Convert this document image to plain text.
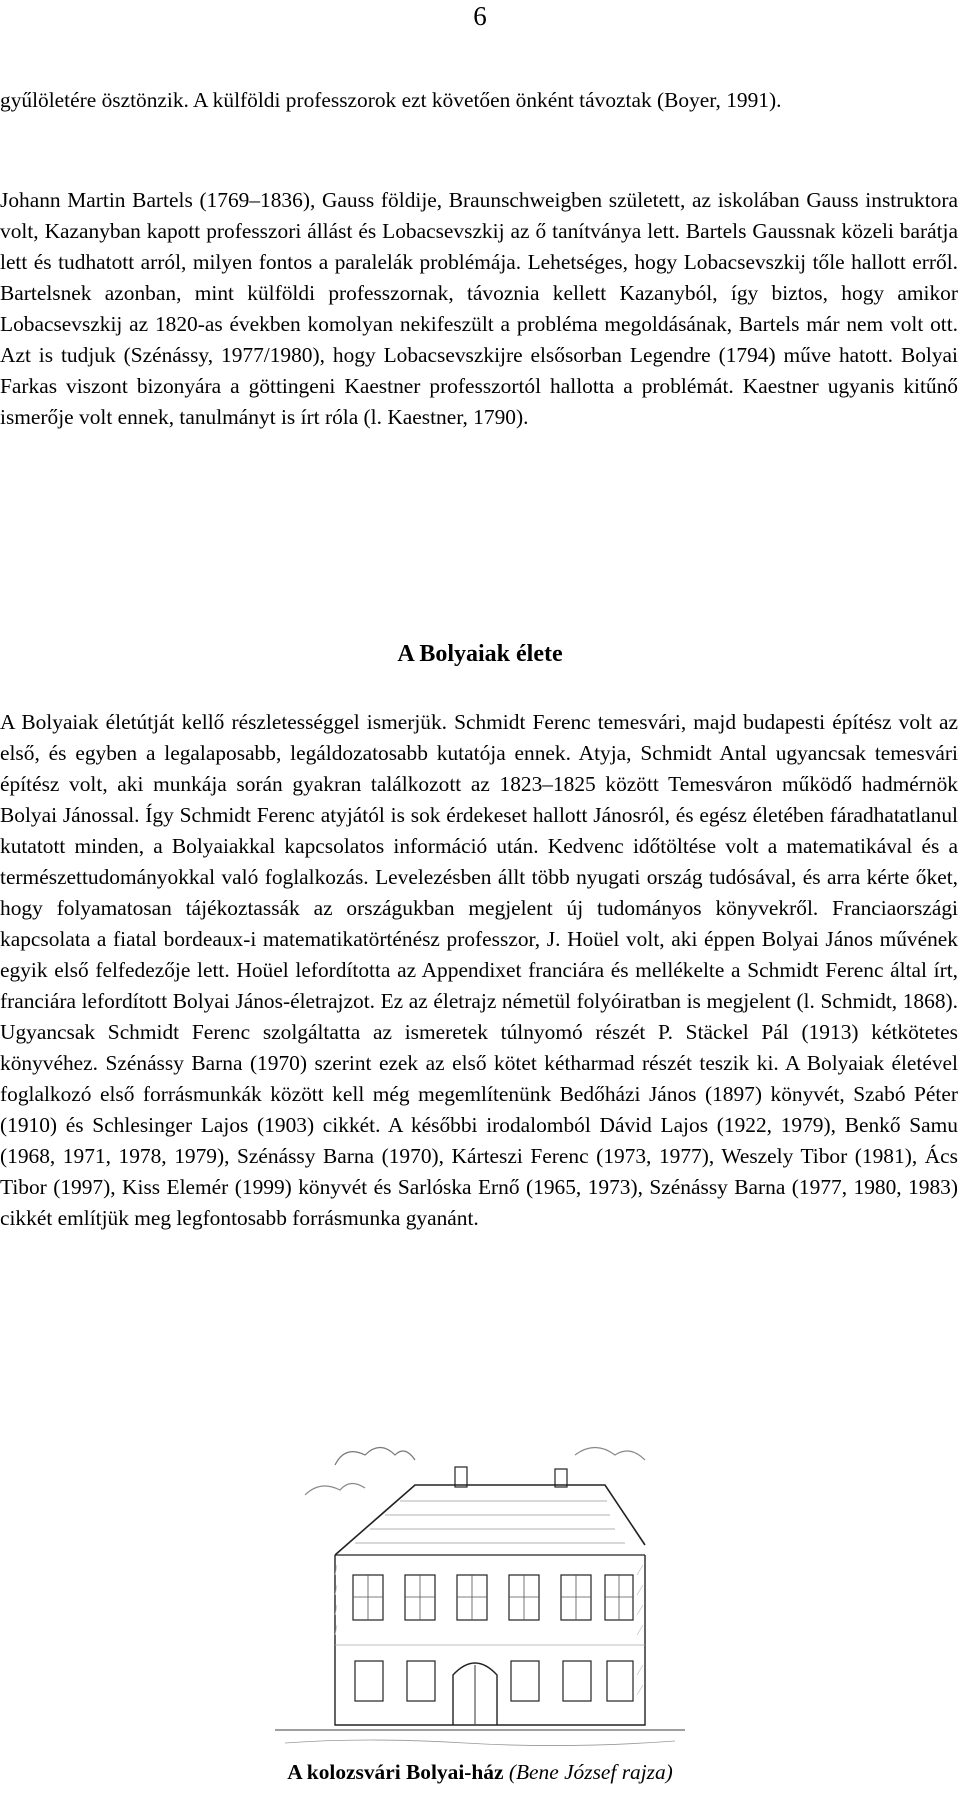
6

gyűlöletére ösztönzik. A külföldi professzorok ezt követően önként távoztak (Boyer, 1991).

Johann Martin Bartels (1769–1836), Gauss földije, Braunschweigben született, az iskolában Gauss instruktora volt, Kazanyban kapott professzori állást és Lobacsevszkij az ő tanítványa lett. Bartels Gaussnak közeli barátja lett és tudhatott arról, milyen fontos a paralelák problémája. Lehetséges, hogy Lobacsevszkij tőle hallott erről. Bartelsnek azonban, mint külföldi professzornak, távoznia kellett Kazanyból, így biztos, hogy amikor Lobacsevszkij az 1820-as években komolyan nekifeszült a probléma megoldásának, Bartels már nem volt ott. Azt is tudjuk (Szénássy, 1977/1980), hogy Lobacsevszkijre elsősorban Legendre (1794) műve hatott. Bolyai Farkas viszont bizonyára a göttingeni Kaestner professzortól hallotta a problémát. Kaestner ugyanis kitűnő ismerője volt ennek, tanulmányt is írt róla (l. Kaestner, 1790).

A Bolyaiak élete

A Bolyaiak életútját kellő részletességgel ismerjük. Schmidt Ferenc temesvári, majd budapesti építész volt az első, és egyben a legalaposabb, legáldozatosabb kutatója ennek. Atyja, Schmidt Antal ugyancsak temesvári építész volt, aki munkája során gyakran találkozott az 1823–1825 között Temesváron működő hadmérnök Bolyai Jánossal. Így Schmidt Ferenc atyjától is sok érdekeset hallott Jánosról, és egész életében fáradhatatlanul kutatott minden, a Bolyaiakkal kapcsolatos információ után. Kedvenc időtöltése volt a matematikával és a természettudományokkal való foglalkozás. Levelezésben állt több nyugati ország tudósával, és arra kérte őket, hogy folyamatosan tájékoztassák az országukban megjelent új tudományos könyvekről. Franciaországi kapcsolata a fiatal bordeaux-i matematikatörténész professzor, J. Hoüel volt, aki éppen Bolyai János művének egyik első felfedezője lett. Hoüel lefordította az Appendixet franciára és mellékelte a Schmidt Ferenc által írt, franciára lefordított Bolyai János-életrajzot. Ez az életrajz németül folyóiratban is megjelent (l. Schmidt, 1868). Ugyancsak Schmidt Ferenc szolgáltatta az ismeretek túlnyomó részét P. Stäckel Pál (1913) kétkötetes könyvéhez. Szénássy Barna (1970) szerint ezek az első kötet kétharmad részét teszik ki. A Bolyaiak életével foglalkozó első forrásmunkák között kell még megemlítenünk Bedőházi János (1897) könyvét, Szabó Péter (1910) és Schlesinger Lajos (1903) cikkét. A későbbi irodalomból Dávid Lajos (1922, 1979), Benkő Samu (1968, 1971, 1978, 1979), Szénássy Barna (1970), Kárteszi Ferenc (1973, 1977), Weszely Tibor (1981), Ács Tibor (1997), Kiss Elemér (1999) könyvét és Sarlóska Ernő (1965, 1973), Szénássy Barna (1977, 1980, 1983) cikkét említjük meg legfontosabb forrásmunka gyanánt.

A kolozsvári Bolyai-ház (Bene József rajza)
